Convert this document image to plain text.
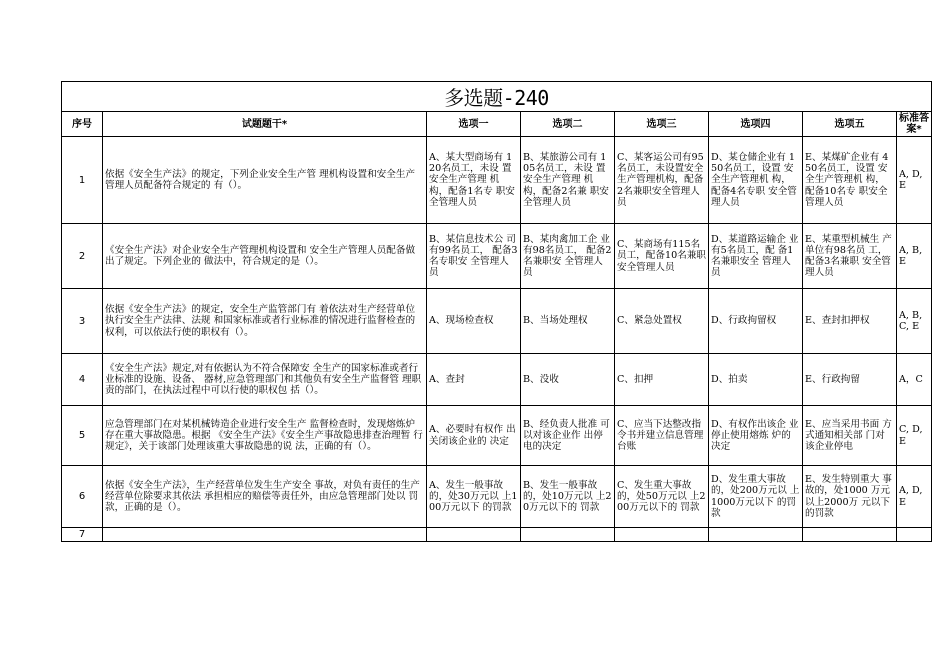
多选题-240							
序号	试题题干*	选项一	选项二	选项三	选项四	选项五	标准答案*
1	依据《安全生产法》的规定，下列企业安全生产管 理机构设置和安全生产管理人员配备符合规定的 有（）。	A、某大型商场有 120名员工，未设 置安全生产管理 机构，配备1名专 职安全管理人员	B、某旅游公司有 105名员工，未设 置安全生产管理 机构，配备2名兼 职安全管理人员	C、某客运公司有95名员工，未设置安全生产管理机构，配备2名兼职安全管理人员	D、某仓储企业有 150名员工，设置 安全生产管理机 构，配备4名专职 安全管理人员	E、某煤矿企业有 450名员工，设置 安全生产管理机 构，配备10名专 职安全管理人员	A, D, E
2	《安全生产法》对企业安全生产管理机构设置和 安全生产管理人员配备做出了规定。下列企业的 做法中，符合规定的是（）。	B、某信息技术公 司有99名员工， 配备3名专职安 全管理人员	B、某肉禽加工企 业有98名员工， 配备2名兼职安 全管理人员	C、某商场有115名员工，配备10名兼职安全管理人员	D、某道路运输企 业有5名员工，配 备1名兼职安全 管理人员	E、某重型机械生 产单位有98名员 工，配备3名兼职 安全管理人员	A, B, E
3	依据《安全生产法》的规定，安全生产监管部门有 着依法对生产经营单位执行安全生产法律、法规 和国家标准或者行业标准的情况进行监督检查的 权利，可以依法行使的职权有（）。	A、现场检查权	B、当场处理权	C、紧急处置权	D、行政拘留权	E、查封扣押权	A, B, C, E
4	《安全生产法》规定,对有依据认为不符合保障安 全生产的国家标准或者行业标准的设施、设备、 器材,应急管理部门和其他负有安全生产监督管 理职责的部门，在执法过程中可以行使的职权包 括（）。	A、查封	B、没收	C、扣押	D、拍卖	E、行政拘留	A，C
5	应急管理部门在对某机械铸造企业进行安全生产 监督检查时，发现熔炼炉存在重大事故隐患。根据 《安全生产法》《安全生产事故隐患排查治理暂 行规定》，关于该部门处理该重大事故隐患的说 法，正确的有（）。	A、必要时有权作 出关闭该企业的 决定	B、经负责人批准 可以对该企业作 出停电的决定	C、应当下达整改指令书并建立信息管理台账	D、有权作出该企 业停止使用熔炼 炉的决定	E、应当采用书面 方式通知相关部 门对该企业停电	C, D, E
6	依据《安全生产法》，生产经营单位发生生产安全 事故，对负有责任的生产经营单位除要求其依法 承担相应的赔偿等责任外，由应急管理部门处以 罚款，正确的是（）。	A、发生一般事故 的，处30万元以 上100万元以下 的罚款	B、发生一般事故 的，处10万元以 上20万元以下的 罚款	C、发生重大事故 的，处50万元以 上200万元以下的 罚款	D、发生重大事故 的，处200万元以 上1000万元以下 的罚款	E、发生特别重大 事故的，处1000 万元以上2000万 元以下的罚款	A, D, E
7							
